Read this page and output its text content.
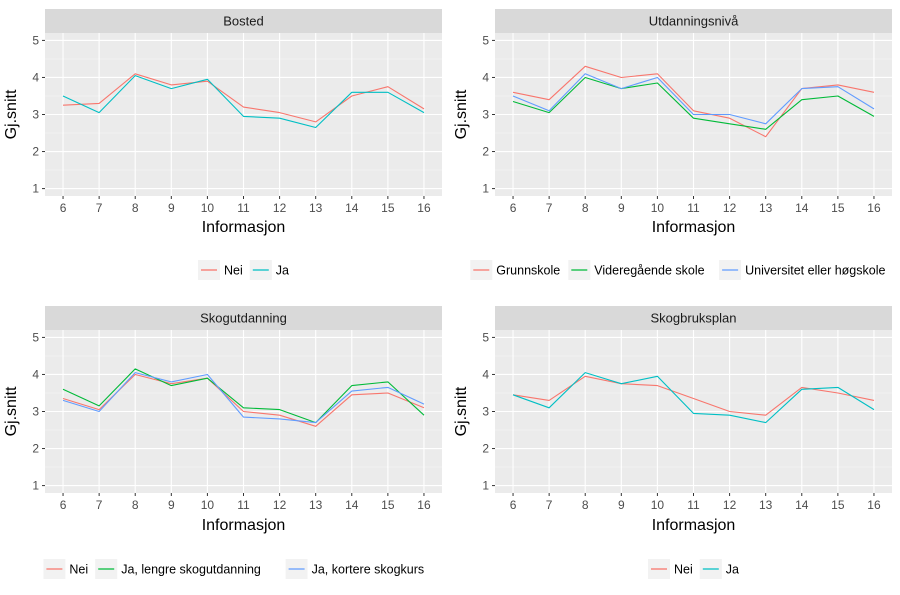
Bosted
1
2
3
4
5
6 7 8 9 10 11 12 13 14 15 16
Informasjon
Gj.snitt
Nei	Ja
Utdanningsnivå
1
2
3
4
5
6 7 8 9 10 11 12 13 14 15 16
Informasjon
Gj.snitt
Grunnskole	Videregående skole	Universitet eller høgskole
Skogutdanning
1
2
3
4
5
6 7 8 9 10 11 12 13 14 15 16
Informasjon
Gj.snitt
Nei	Ja, lengre skogutdanning	Ja, kortere skogkurs
Skogbruksplan
1
2
3
4
5
6 7 8 9 10 11 12 13 14 15 16
Informasjon
Gj.snitt
Nei	Ja
